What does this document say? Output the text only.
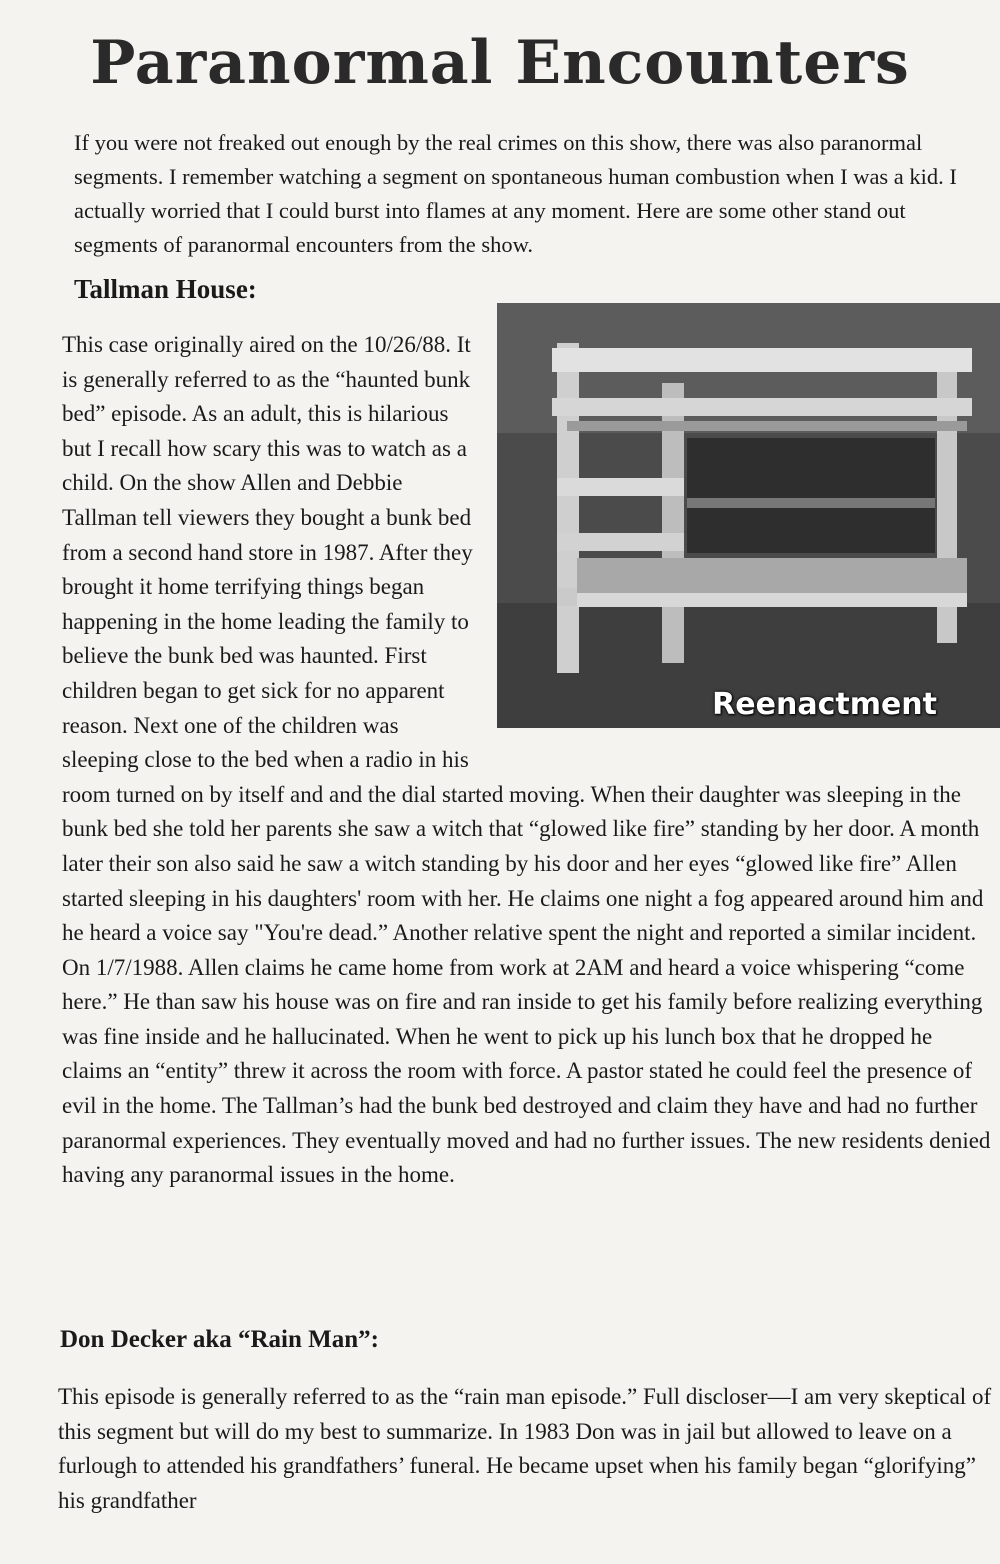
Paranormal Encounters

If you were not freaked out enough by the real crimes on this show, there was also paranormal segments. I remember watching a segment on spontaneous human combustion when I was a kid. I actually worried that I could burst into flames at any moment. Here are some other stand out segments of paranormal encounters from the show.

Tallman House:
Reenactment

This case originally aired on the 10/26/88. It is generally referred to as the “haunted bunk bed” episode. As an adult, this is hilarious but I recall how scary this was to watch as a child. On the show Allen and Debbie Tallman tell viewers they bought a bunk bed from a second hand store in 1987. After they brought it home terrifying things began happening in the home leading the family to believe the bunk bed was haunted. First children began to get sick for no apparent reason. Next one of the children was sleeping close to the bed when a radio in his room turned on by itself and and the dial started moving. When their daughter was sleeping in the bunk bed she told her parents she saw a witch that “glowed like fire” standing by her door. A month later their son also said he saw a witch standing by his door and her eyes “glowed like fire” Allen started sleeping in his daughters' room with her. He claims one night a fog appeared around him and he heard a voice say "You're dead.” Another relative spent the night and reported a similar incident. On 1/7/1988. Allen claims he came home from work at 2AM and heard a voice whispering “come here.” He than saw his house was on fire and ran inside to get his family before realizing everything was fine inside and he hallucinated. When he went to pick up his lunch box that he dropped he claims an “entity” threw it across the room with force. A pastor stated he could feel the presence of evil in the home. The Tallman’s had the bunk bed destroyed and claim they have and had no further paranormal experiences. They eventually moved and had no further issues. The new residents denied having any paranormal issues in the home.

Don Decker aka “Rain Man”:

This episode is generally referred to as the “rain man episode.” Full discloser—I am very skeptical of this segment but will do my best to summarize. In 1983 Don was in jail but allowed to leave on a furlough to attended his grandfathers’ funeral. He became upset when his family began “glorifying” his grandfather
